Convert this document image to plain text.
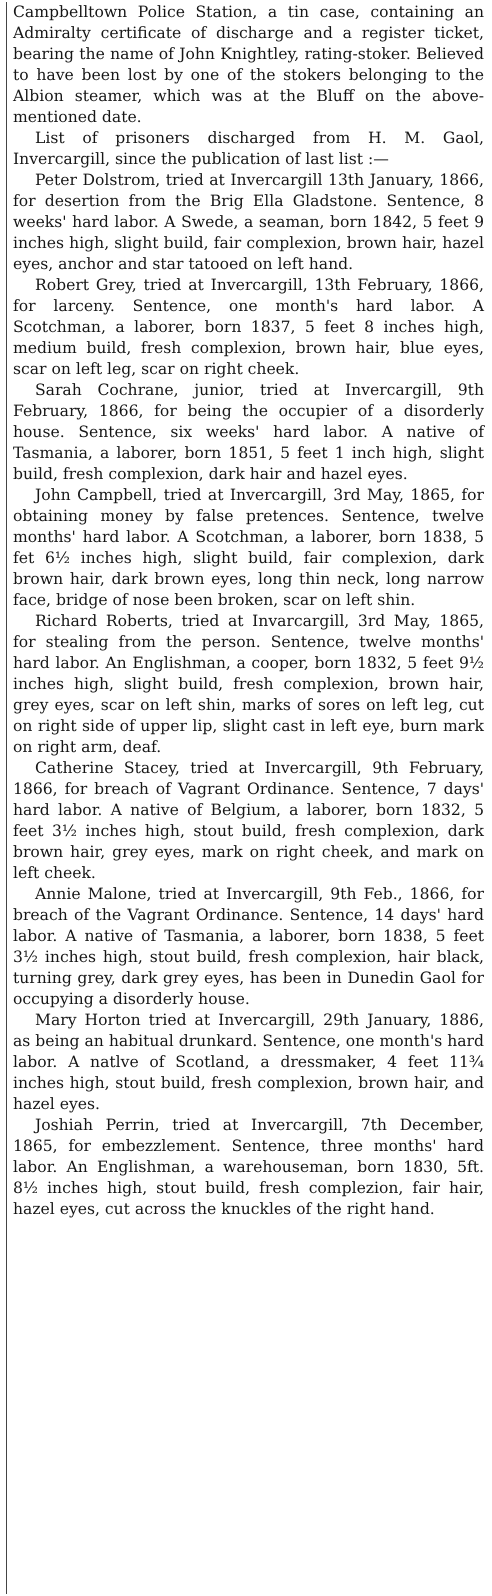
Campbelltown Police Station, a tin case, containing an Admiralty certificate of discharge and a register ticket, bearing the name of John Knightley, rating-stoker. Believed to have been lost by one of the stokers belonging to the Albion steamer, which was at the Bluff on the above-mentioned date.

List of prisoners discharged from H. M. Gaol, Invercargill, since the publication of last list :—

Peter Dolstrom, tried at Invercargill 13th January, 1866, for desertion from the Brig Ella Gladstone. Sentence, 8 weeks' hard labor. A Swede, a seaman, born 1842, 5 feet 9 inches high, slight build, fair complexion, brown hair, hazel eyes, anchor and star tatooed on left hand.

Robert Grey, tried at Invercargill, 13th February, 1866, for larceny. Sentence, one month's hard labor. A Scotchman, a laborer, born 1837, 5 feet 8 inches high, medium build, fresh complexion, brown hair, blue eyes, scar on left leg, scar on right cheek.

Sarah Cochrane, junior, tried at Invercargill, 9th February, 1866, for being the occupier of a disorderly house. Sentence, six weeks' hard labor. A native of Tasmania, a laborer, born 1851, 5 feet 1 inch high, slight build, fresh complexion, dark hair and hazel eyes.

John Campbell, tried at Invercargill, 3rd May, 1865, for obtaining money by false pretences. Sentence, twelve months' hard labor. A Scotchman, a laborer, born 1838, 5 fet 6½ inches high, slight build, fair complexion, dark brown hair, dark brown eyes, long thin neck, long narrow face, bridge of nose been broken, scar on left shin.

Richard Roberts, tried at Invarcargill, 3rd May, 1865, for stealing from the person. Sentence, twelve months' hard labor. An Englishman, a cooper, born 1832, 5 feet 9½ inches high, slight build, fresh complexion, brown hair, grey eyes, scar on left shin, marks of sores on left leg, cut on right side of upper lip, slight cast in left eye, burn mark on right arm, deaf.

Catherine Stacey, tried at Invercargill, 9th February, 1866, for breach of Vagrant Ordinance. Sentence, 7 days' hard labor. A native of Belgium, a laborer, born 1832, 5 feet 3½ inches high, stout build, fresh complexion, dark brown hair, grey eyes, mark on right cheek, and mark on left cheek.

Annie Malone, tried at Invercargill, 9th Feb., 1866, for breach of the Vagrant Ordinance. Sentence, 14 days' hard labor. A native of Tasmania, a laborer, born 1838, 5 feet 3½ inches high, stout build, fresh complexion, hair black, turning grey, dark grey eyes, has been in Dunedin Gaol for occupying a disorderly house.

Mary Horton tried at Invercargill, 29th January, 1886, as being an habitual drunkard. Sentence, one month's hard labor. A natlve of Scotland, a dressmaker, 4 feet 11¾ inches high, stout build, fresh complexion, brown hair, and hazel eyes.

Joshiah Perrin, tried at Invercargill, 7th December, 1865, for embezzlement. Sentence, three months' hard labor. An Englishman, a warehouseman, born 1830, 5ft. 8½ inches high, stout build, fresh complezion, fair hair, hazel eyes, cut across the knuckles of the right hand.
